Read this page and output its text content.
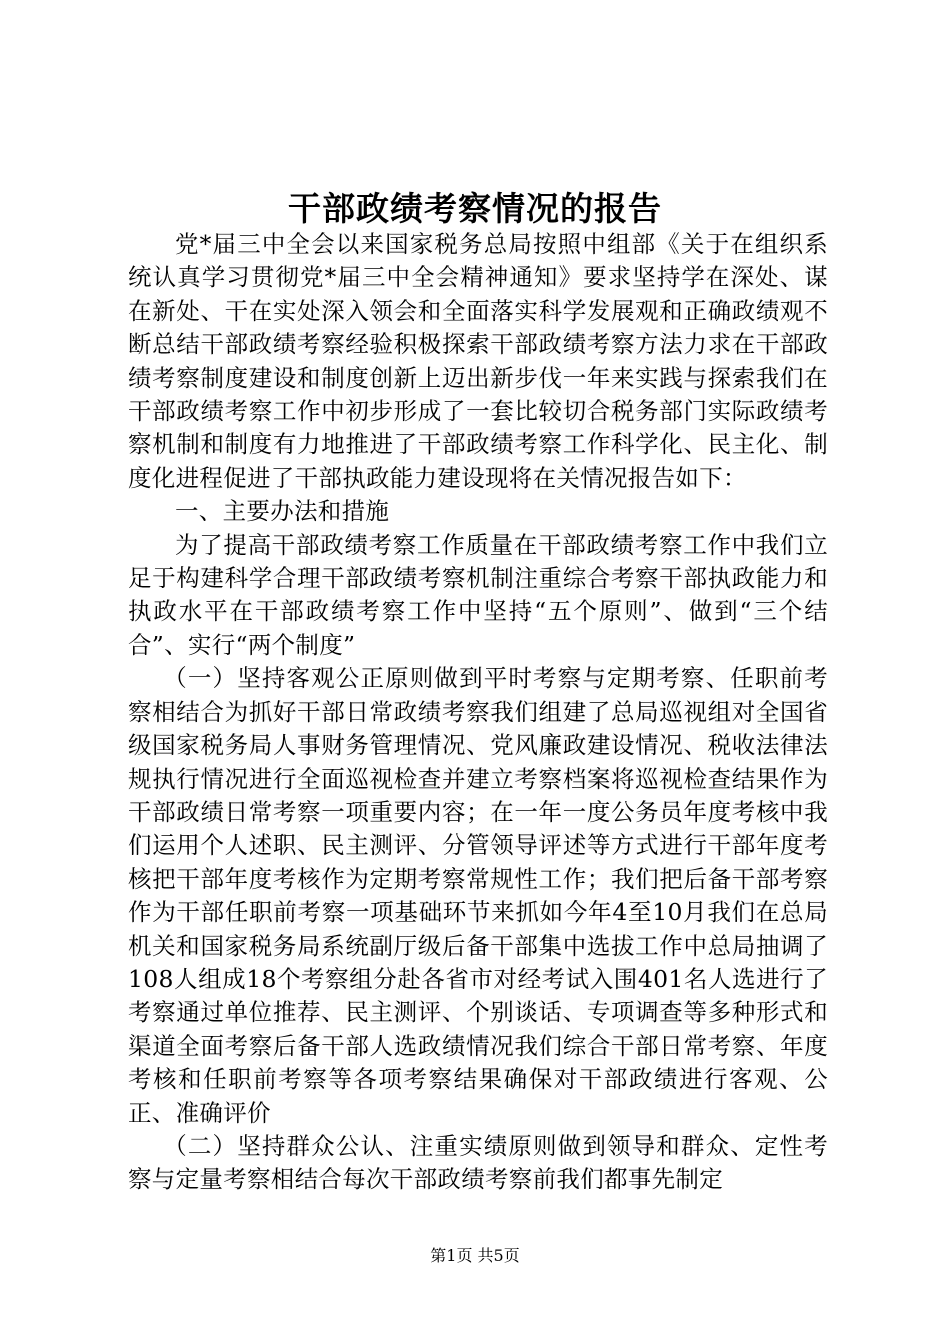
干部政绩考察情况的报告

党*届三中全会以来国家税务总局按照中组部《关于在组织系统认真学习贯彻党*届三中全会精神通知》要求坚持学在深处、谋在新处、干在实处深入领会和全面落实科学发展观和正确政绩观不断总结干部政绩考察经验积极探索干部政绩考察方法力求在干部政绩考察制度建设和制度创新上迈出新步伐一年来实践与探索我们在干部政绩考察工作中初步形成了一套比较切合税务部门实际政绩考察机制和制度有力地推进了干部政绩考察工作科学化、民主化、制度化进程促进了干部执政能力建设现将在关情况报告如下：

一、主要办法和措施

为了提高干部政绩考察工作质量在干部政绩考察工作中我们立足于构建科学合理干部政绩考察机制注重综合考察干部执政能力和执政水平在干部政绩考察工作中坚持“五个原则”、做到“三个结合”、实行“两个制度”

（一）坚持客观公正原则做到平时考察与定期考察、任职前考察相结合为抓好干部日常政绩考察我们组建了总局巡视组对全国省级国家税务局人事财务管理情况、党风廉政建设情况、税收法律法规执行情况进行全面巡视检查并建立考察档案将巡视检查结果作为干部政绩日常考察一项重要内容；在一年一度公务员年度考核中我们运用个人述职、民主测评、分管领导评述等方式进行干部年度考核把干部年度考核作为定期考察常规性工作；我们把后备干部考察作为干部任职前考察一项基础环节来抓如今年4至10月我们在总局机关和国家税务局系统副厅级后备干部集中选拔工作中总局抽调了108人组成18个考察组分赴各省市对经考试入围401名人选进行了考察通过单位推荐、民主测评、个别谈话、专项调查等多种形式和渠道全面考察后备干部人选政绩情况我们综合干部日常考察、年度考核和任职前考察等各项考察结果确保对干部政绩进行客观、公正、准确评价

（二）坚持群众公认、注重实绩原则做到领导和群众、定性考察与定量考察相结合每次干部政绩考察前我们都事先制定

第1页 共5页
